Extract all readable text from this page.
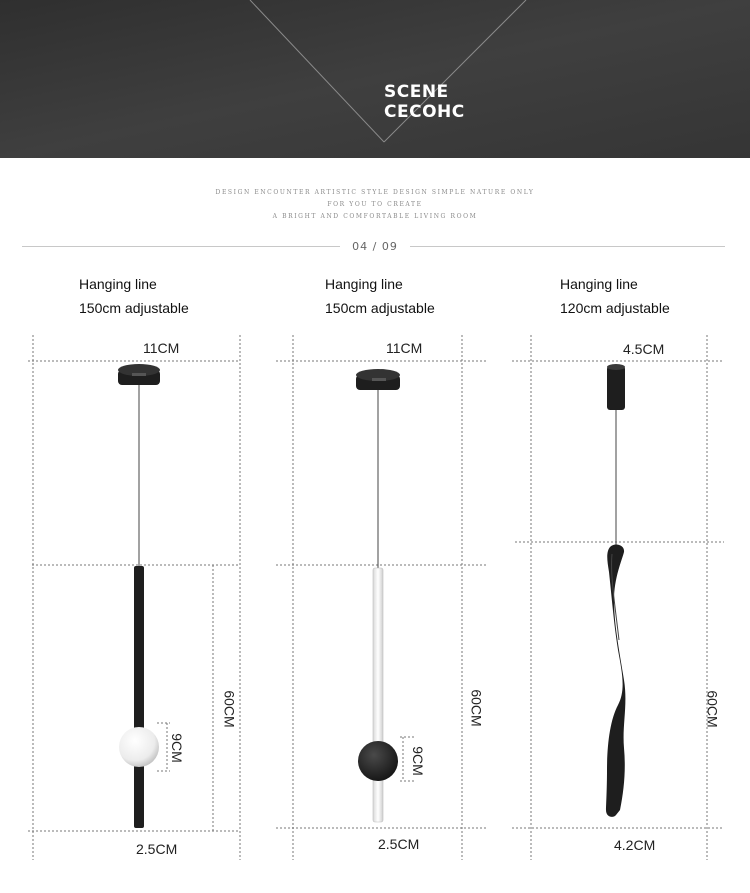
SCENE
CECOHC
DESIGN ENCOUNTER ARTISTIC STYLE DESIGN SIMPLE NATURE ONLY
FOR YOU TO CREATE
A BRIGHT AND COMFORTABLE LIVING ROOM
04 / 09
Hanging line
150cm adjustable
Hanging line
150cm adjustable
Hanging line
120cm adjustable
11CM
60CM
9CM
2.5CM
11CM
60CM
9CM
2.5CM
4.5CM
60CM
4.2CM
